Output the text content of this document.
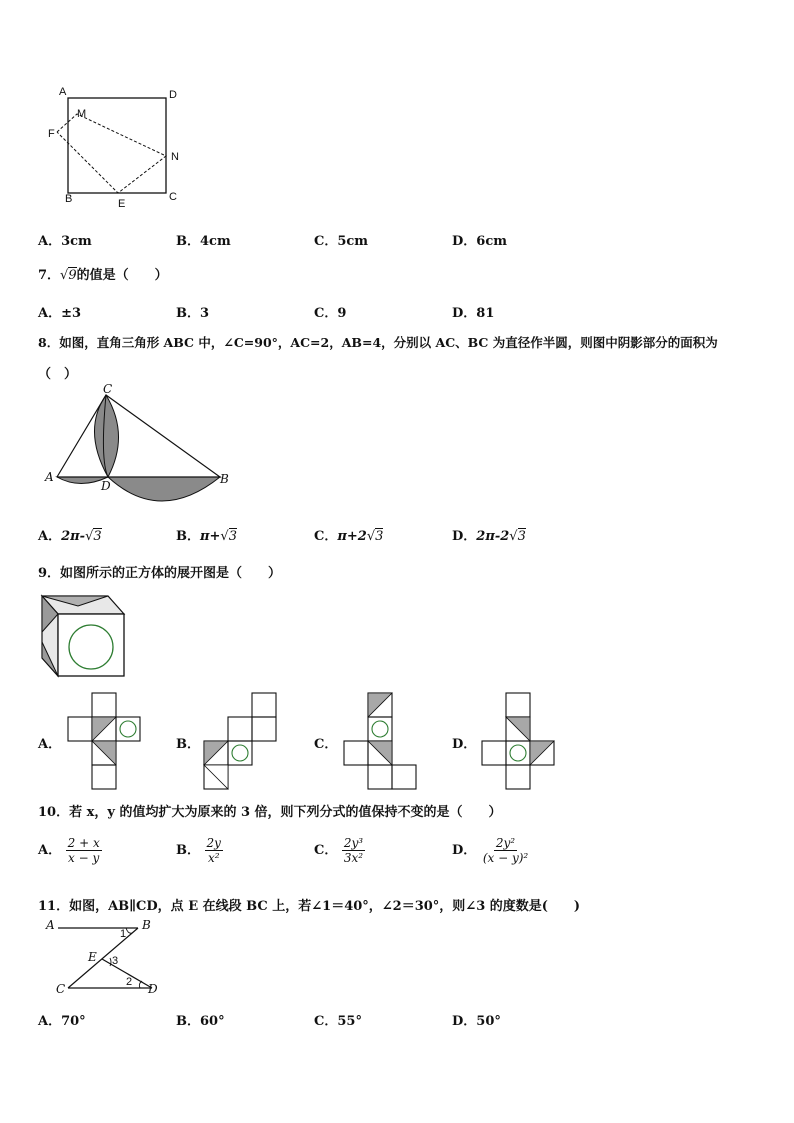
A	D
M
F
N
B	E
C
A．3cm	B．4cm	C．5cm	D．6cm
7．√9的值是（　　）
A．±3	B．3	C．9	D．81
8．如图，直角三角形 ABC 中，∠C=90°，AC=2，AB=4，分别以 AC、BC 为直径作半圆，则图中阴影部分的面积为
（　）
C
A
D	B
A．2π-√3	B．π+√3	C．π+2√3	D．2π-2√3
9．如图所示的正方体的展开图是（　　）
A．	B．	C．	D．
10．若 x，y 的值均扩大为原来的 3 倍，则下列分式的值保持不变的是（　　）
A． $\frac{2 + x}{x - y}$	B． $\frac{2y}{\text{x²}}$	C． $\frac{\text{2y³}}{\text{3x²}}$	D． $\frac{\text{2y²}}{\text{(x − y)²}}$
11．如图，AB∥CD，点 E 在线段 BC 上，若∠1＝40°，∠2＝30°，则∠3 的度数是(　　)
A	B
E
C	D
1
3
2
A．70°	B．60°	C．55°	D．50°
